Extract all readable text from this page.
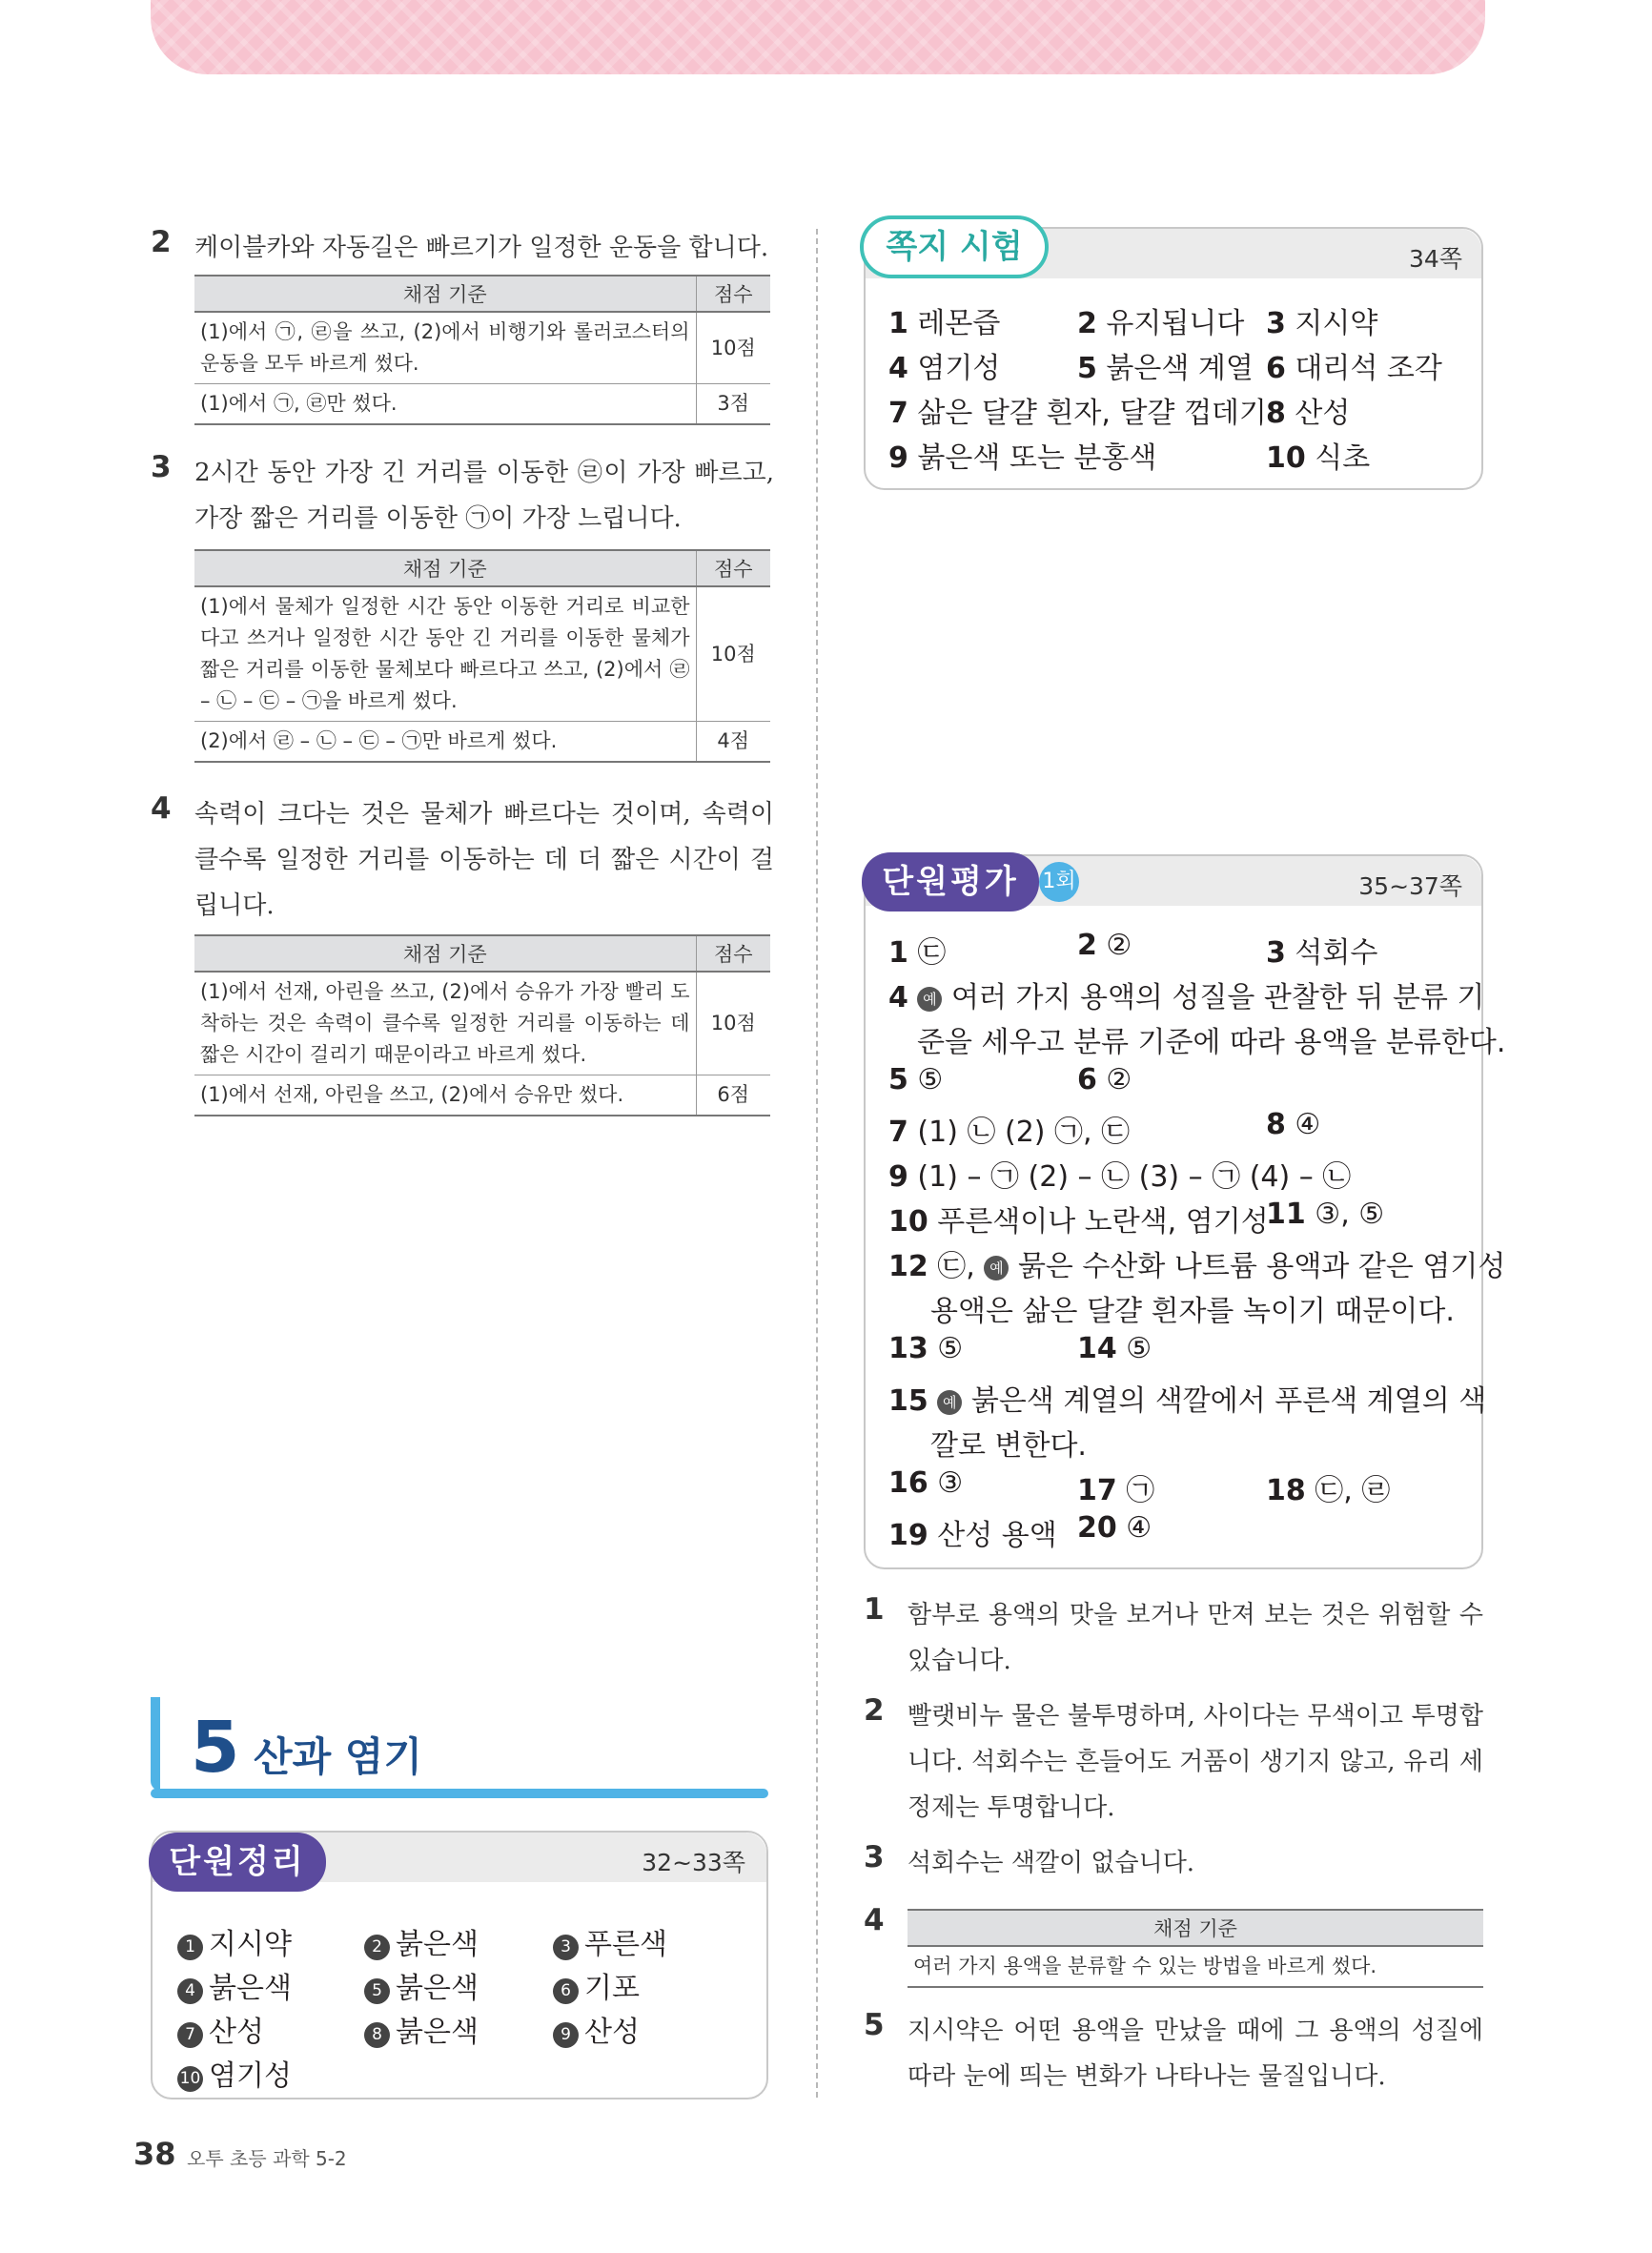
2 케이블카와 자동길은 빠르기가 일정한 운동을 합니다.
채점 기준	점수
(1)에서 ㉠, ㉣을 쓰고, (2)에서 비행기와 롤러코스터의 운동을 모두 바르게 썼다.	10점
(1)에서 ㉠, ㉣만 썼다.	3점
3 2시간 동안 가장 긴 거리를 이동한 ㉣이 가장 빠르고, 가장 짧은 거리를 이동한 ㉠이 가장 느립니다.
채점 기준	점수
(1)에서 물체가 일정한 시간 동안 이동한 거리로 비교한다고 쓰거나 일정한 시간 동안 긴 거리를 이동한 물체가 짧은 거리를 이동한 물체보다 빠르다고 쓰고, (2)에서 ㉣ – ㉡ – ㉢ – ㉠을 바르게 썼다.	10점
(2)에서 ㉣ – ㉡ – ㉢ – ㉠만 바르게 썼다.	4점
4 속력이 크다는 것은 물체가 빠르다는 것이며, 속력이 클수록 일정한 거리를 이동하는 데 더 짧은 시간이 걸립니다.
채점 기준	점수
(1)에서 선재, 아린을 쓰고, (2)에서 승유가 가장 빨리 도착하는 것은 속력이 클수록 일정한 거리를 이동하는 데 짧은 시간이 걸리기 때문이라고 바르게 썼다.	10점
(1)에서 선재, 아린을 쓰고, (2)에서 승유만 썼다.	6점
5 산과 염기
32~33쪽
1 지시약	2 붉은색	3 푸른색
4 붉은색	5 붉은색	6 기포
7 산성	8 붉은색	9 산성
10 염기성
단원정리
34쪽
1 레몬즙	2 유지됩니다 3 지시약
4 염기성	5 붉은색 계열 6 대리석 조각
7 삶은 달걀 흰자, 달걀 껍데기 8 산성
9 붉은색 또는 분홍색	10 식초
쪽지 시험
35~37쪽
1 ㉢	2 ②	3 석회수
4 예 여러 가지 용액의 성질을 관찰한 뒤 분류 기
준을 세우고 분류 기준에 따라 용액을 분류한다.
5 ⑤	6 ②
7 (1) ㉡ (2) ㉠, ㉢	8 ④
9 (1) – ㉠ (2) – ㉡ (3) – ㉠ (4) – ㉡
10 푸른색이나 노란색, 염기성
11 ③, ⑤
12 ㉢, 예 묽은 수산화 나트륨 용액과 같은 염기성
용액은 삶은 달걀 흰자를 녹이기 때문이다.
13 ⑤	14 ⑤
15 예 붉은색 계열의 색깔에서 푸른색 계열의 색
깔로 변한다.
16 ③	17 ㉠	18 ㉢, ㉣
19 산성 용액 20 ④
단원평가	1회
1 함부로 용액의 맛을 보거나 만져 보는 것은 위험할 수 있습니다.
2 빨랫비누 물은 불투명하며, 사이다는 무색이고 투명합니다. 석회수는 흔들어도 거품이 생기지 않고, 유리 세정제는 투명합니다.
3 석회수는 색깔이 없습니다.
4	채점 기준
여러 가지 용액을 분류할 수 있는 방법을 바르게 썼다.
5 지시약은 어떤 용액을 만났을 때에 그 용액의 성질에 따라 눈에 띄는 변화가 나타나는 물질입니다.
38 오투 초등 과학 5-2
